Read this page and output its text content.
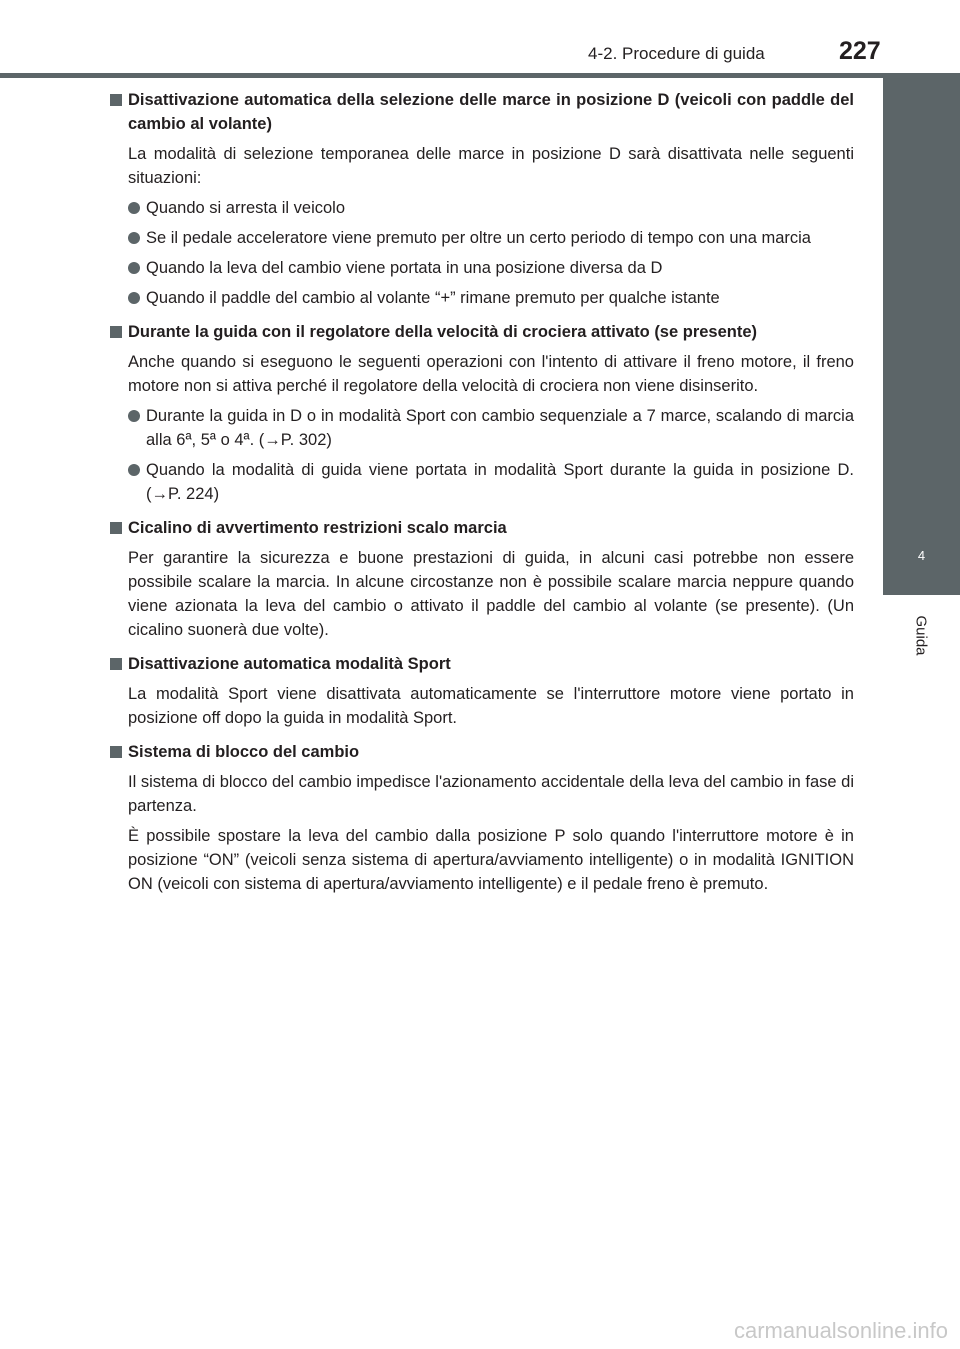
4-2. Procedure di guida	227
4
Guida
Disattivazione automatica della selezione delle marce in posizione D (veicoli con paddle del cambio al volante)
La modalità di selezione temporanea delle marce in posizione D sarà disattivata nelle seguenti situazioni:
Quando si arresta il veicolo
Se il pedale acceleratore viene premuto per oltre un certo periodo di tempo con una marcia
Quando la leva del cambio viene portata in una posizione diversa da D
Quando il paddle del cambio al volante “+” rimane premuto per qualche istante
Durante la guida con il regolatore della velocità di crociera attivato (se presente)
Anche quando si eseguono le seguenti operazioni con l'intento di attivare il freno motore, il freno motore non si attiva perché il regolatore della velocità di crociera non viene disinserito.
Durante la guida in D o in modalità Sport con cambio sequenziale a 7 marce, scalando di marcia alla 6ª, 5ª o 4ª. (→P. 302)
Quando la modalità di guida viene portata in modalità Sport durante la guida in posizione D. (→P. 224)
Cicalino di avvertimento restrizioni scalo marcia
Per garantire la sicurezza e buone prestazioni di guida, in alcuni casi potrebbe non essere possibile scalare la marcia. In alcune circostanze non è possibile scalare marcia neppure quando viene azionata la leva del cambio o attivato il paddle del cambio al volante (se presente). (Un cicalino suonerà due volte).
Disattivazione automatica modalità Sport
La modalità Sport viene disattivata automaticamente se l'interruttore motore viene portato in posizione off dopo la guida in modalità Sport.
Sistema di blocco del cambio
Il sistema di blocco del cambio impedisce l'azionamento accidentale della leva del cambio in fase di partenza.
È possibile spostare la leva del cambio dalla posizione P solo quando l'interruttore motore è in posizione “ON” (veicoli senza sistema di apertura/avviamento intelligente) o in modalità IGNITION ON (veicoli con sistema di apertura/avviamento intelligente) e il pedale freno è premuto.
carmanualsonline.info
